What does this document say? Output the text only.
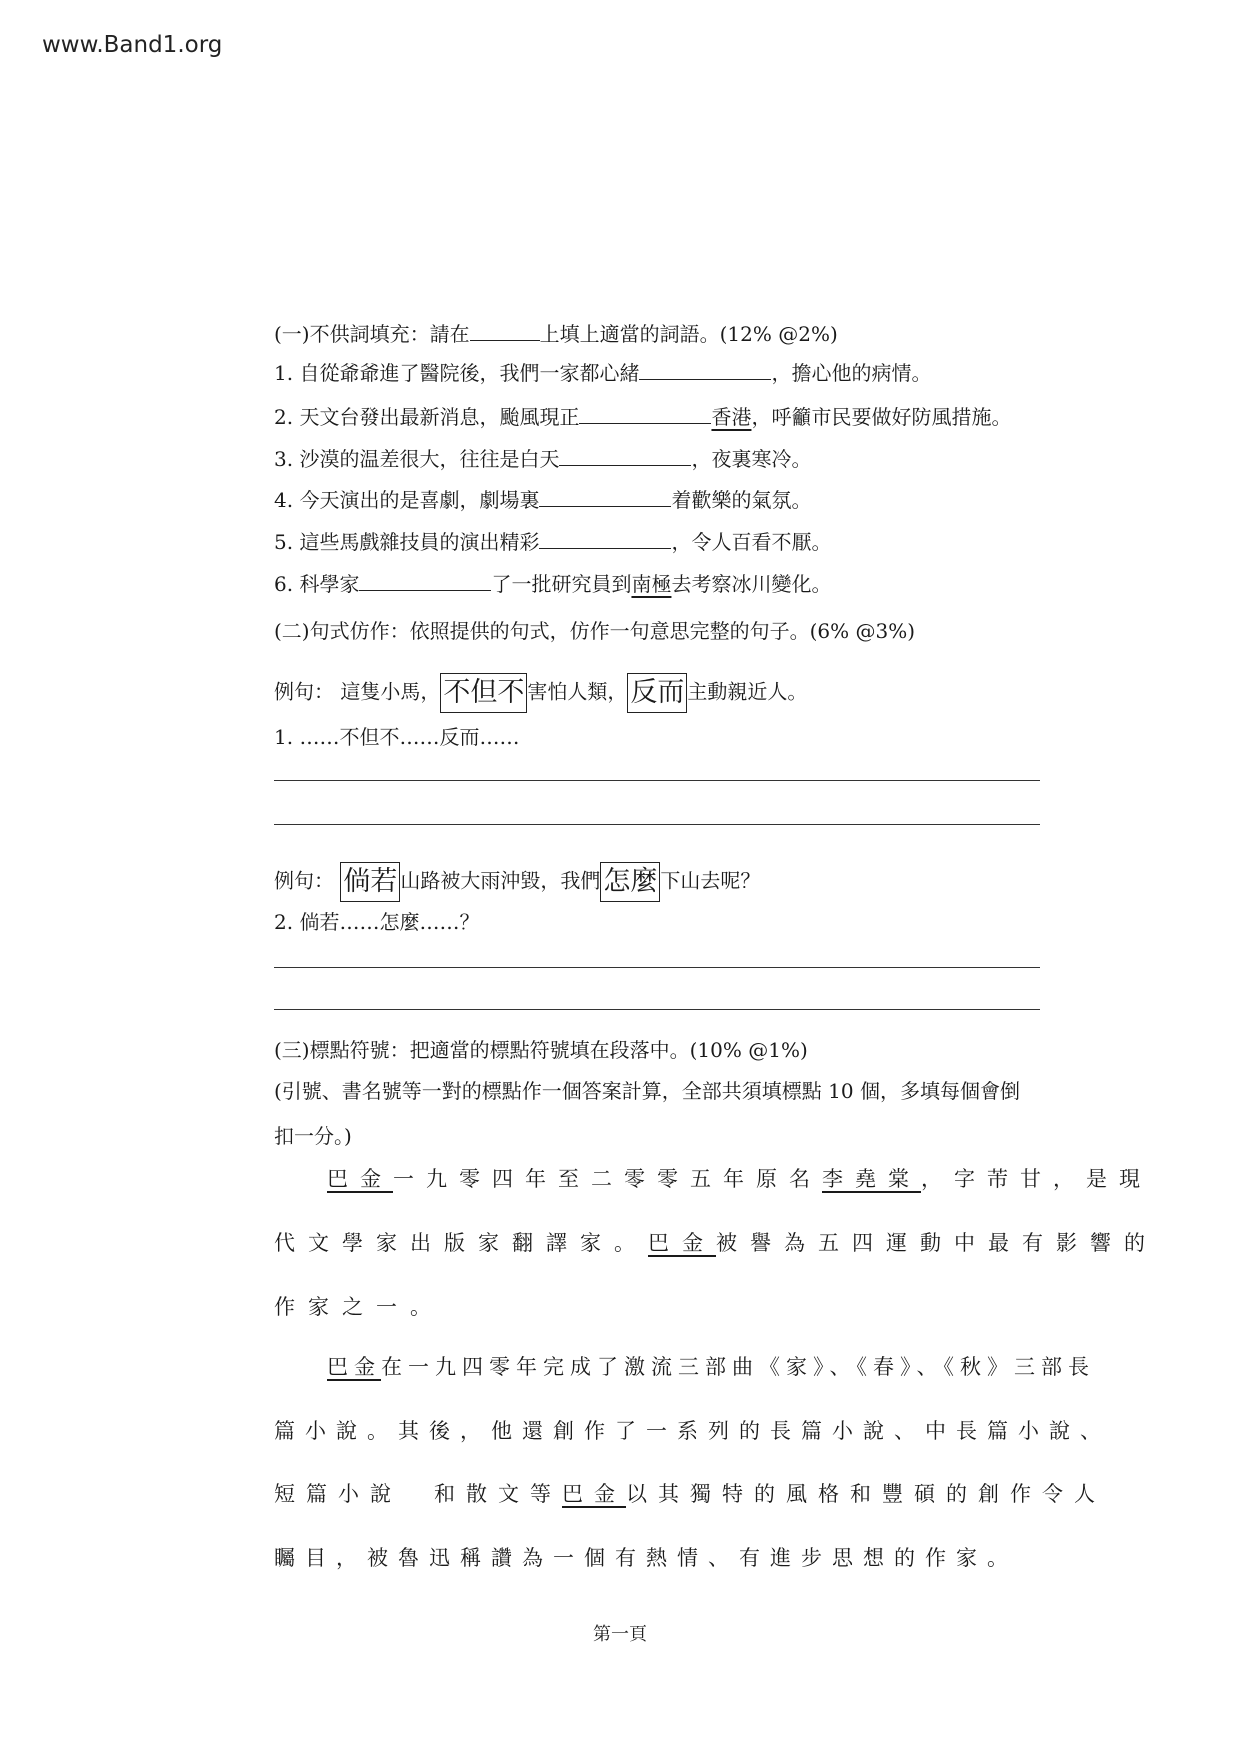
www.Band1.org
(一)不供詞填充：請在	上填上適當的詞語。(12% @2%)
1. 自從爺爺進了醫院後，我們一家都心緒	，擔心他的病情。
2. 天文台發出最新消息，颱風現正	香港，呼籲市民要做好防風措施。
3. 沙漠的温差很大，往往是白天	，夜裏寒冷。
4. 今天演出的是喜劇，劇場裏	着歡樂的氣氛。
5. 這些馬戲雜技員的演出精彩	，令人百看不厭。
6. 科學家	了一批研究員到南極去考察冰川變化。
(二)句式仿作：依照提供的句式，仿作一句意思完整的句子。(6% @3%)
例句： 這隻小馬， 不但不 害怕人類， 反而 主動親近人。
1. ……不但不……反而……
例句： 倘若 山路被大雨沖毀，我們 怎麼 下山去呢？
2. 倘若……怎麼……？
(三)標點符號：把適當的標點符號填在段落中。(10% @1%)
(引號、書名號等一對的標點作一個答案計算，全部共須填標點 10 個，多填每個會倒
扣一分。)
巴金一九零四年至二零零五年原名李堯棠，字芾甘，是現
代文學家出版家翻譯家。巴金被譽為五四運動中最有影響的
作家之一。
巴金在一九四零年完成了激流三部曲《家》、《春》、《秋》三部長
篇小說。其後，他還創作了一系列的長篇小說、中長篇小說、
短篇小說　和散文等巴金以其獨特的風格和豐碩的創作令人
矚目，被魯迅稱讚為一個有熱情、有進步思想的作家。
第一頁
